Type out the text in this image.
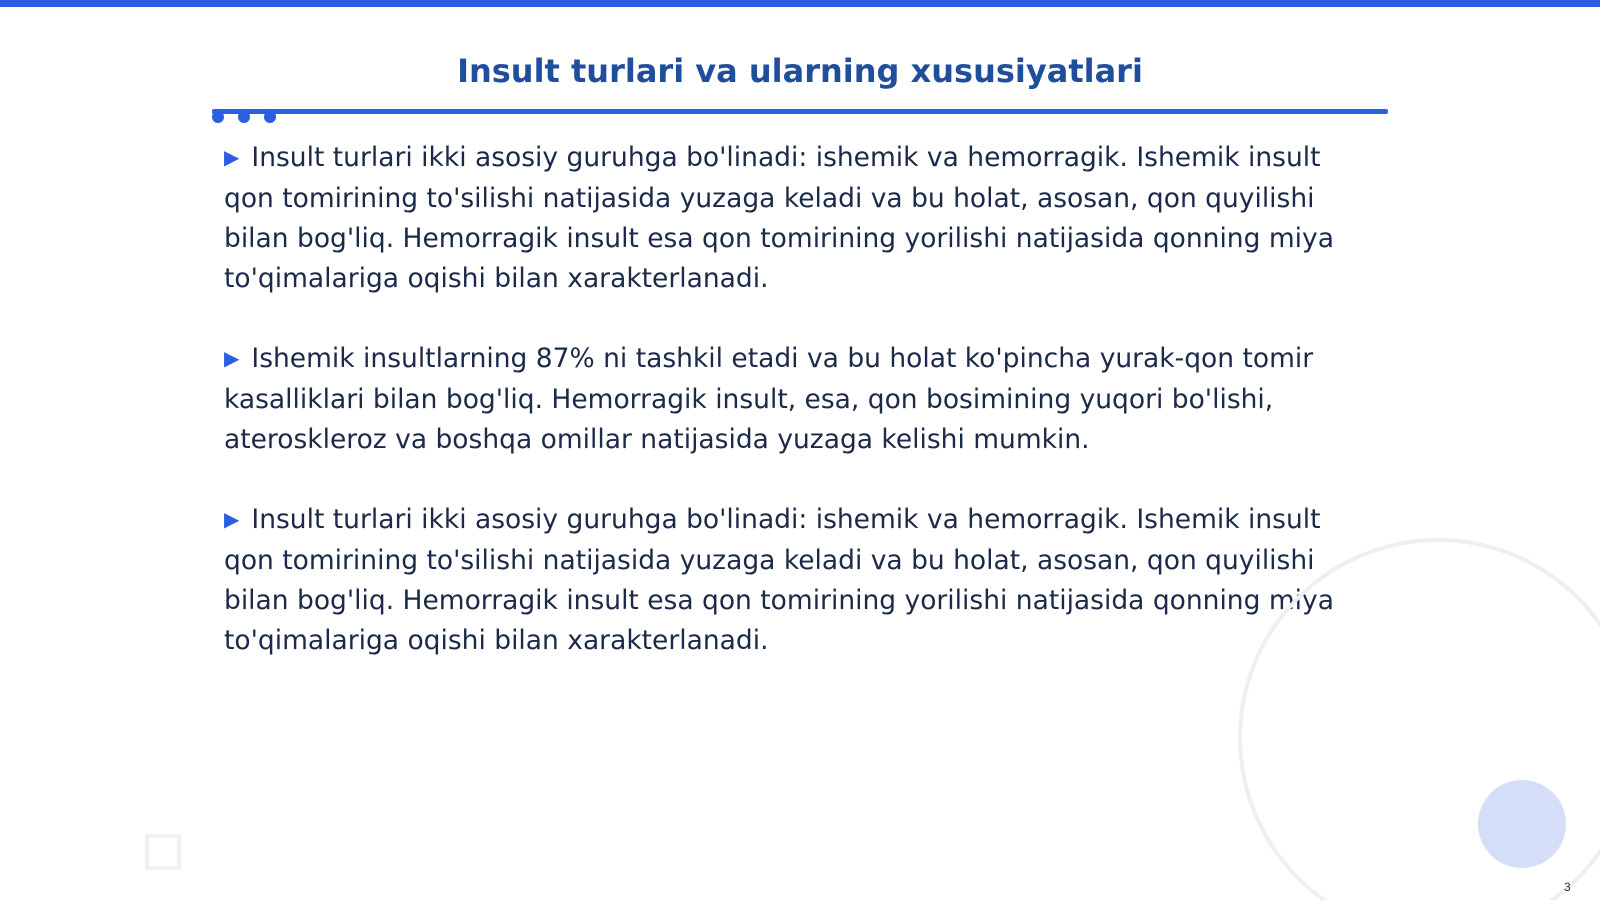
Insult turlari va ularning xususiyatlari

▶ Insult turlari ikki asosiy guruhga bo'linadi: ishemik va hemorragik. Ishemik insult qon tomirining to'silishi natijasida yuzaga keladi va bu holat, asosan, qon quyilishi bilan bog'liq. Hemorragik insult esa qon tomirining yorilishi natijasida qonning miya to'qimalariga oqishi bilan xarakterlanadi.

▶ Ishemik insultlarning 87% ni tashkil etadi va bu holat ko'pincha yurak-qon tomir kasalliklari bilan bog'liq. Hemorragik insult, esa, qon bosimining yuqori bo'lishi, ateroskleroz va boshqa omillar natijasida yuzaga kelishi mumkin.

▶ Insult turlari ikki asosiy guruhga bo'linadi: ishemik va hemorragik. Ishemik insult qon tomirining to'silishi natijasida yuzaga keladi va bu holat, asosan, qon quyilishi bilan bog'liq. Hemorragik insult esa qon tomirining yorilishi natijasida qonning miya to'qimalariga oqishi bilan xarakterlanadi.

3
